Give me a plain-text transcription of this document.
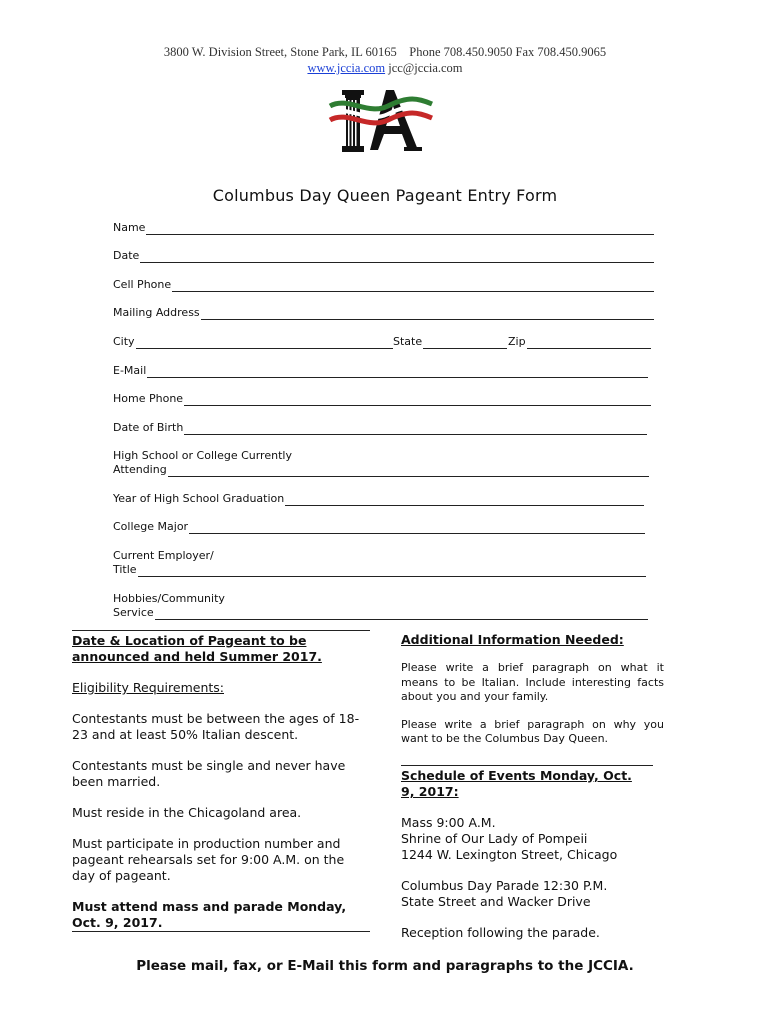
3800 W. Division Street, Stone Park, IL 60165    Phone 708.450.9050 Fax 708.450.9065
www.jccia.com jcc@jccia.com
Columbus Day Queen Pageant Entry Form
Name
Date
Cell Phone
Mailing Address
City	State	Zip
E-Mail
Home Phone
Date of Birth
High School or College Currently
Attending
Year of High School Graduation
College Major
Current Employer/
Title
Hobbies/Community
Service

Date & Location of Pageant to be announced and held Summer 2017.

Eligibility Requirements:

Contestants must be between the ages of 18-23 and at least 50% Italian descent.

Contestants must be single and never have been married.

Must reside in the Chicagoland area.

Must participate in production number and pageant rehearsals set for 9:00 A.M. on the day of pageant.

Must attend mass and parade Monday, Oct. 9, 2017.

Additional Information Needed:

Please write a brief paragraph on what it means to be Italian. Include interesting facts about you and your family.

Please write a brief paragraph on why you want to be the Columbus Day Queen.

Schedule of Events Monday, Oct. 9, 2017:

Mass 9:00 A.M.

Shrine of Our Lady of Pompeii

1244 W. Lexington Street, Chicago

Columbus Day Parade 12:30 P.M.

State Street and Wacker Drive

Reception following the parade.

Please mail, fax, or E-Mail this form and paragraphs to the JCCIA.
